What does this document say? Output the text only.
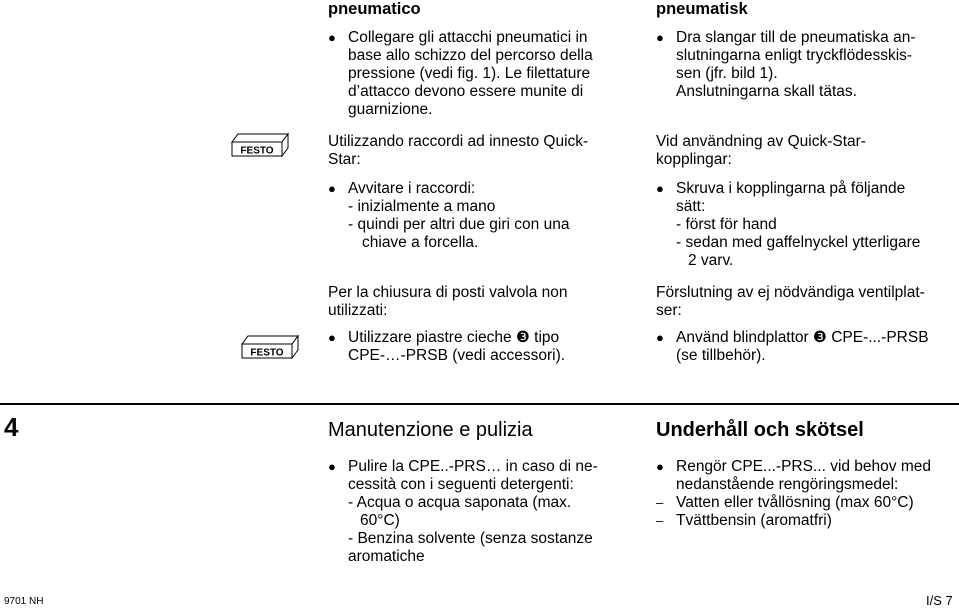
FESTO
FESTO
pneumatico
● Collegare gli attacchi pneumatici in
base allo schizzo del percorso della
pressione (vedi fig. 1). Le filettature
d’attacco devono essere munite di
guarnizione.
Utilizzando raccordi ad innesto Quick-
Star:
● Avvitare i raccordi:
- inizialmente a mano
- quindi per altri due giri con una
chiave a forcella.
Per la chiusura di posti valvola non
utilizzati:
● Utilizzare piastre cieche ❸ tipo
CPE-…-PRSB (vedi accessori).
pneumatisk
● Dra slangar till de pneumatiska an-
slutningarna enligt tryckflödesskis-
sen (jfr. bild 1).
Anslutningarna skall tätas.
Vid användning av Quick-Star-
kopplingar:
● Skruva i kopplingarna på följande
sätt:
- först för hand
- sedan med gaffelnyckel ytterligare
2 varv.
Förslutning av ej nödvändiga ventilplat-
ser:
● Använd blindplattor ❸ CPE-...-PRSB
(se tillbehör).
4	Manutenzione e pulizia	Underhåll och skötsel
● Pulire la CPE..-PRS… in caso di ne-
cessità con i seguenti detergenti:
- Acqua o acqua saponata (max.
60°C)
- Benzina solvente (senza sostanze
aromatiche
● Rengör CPE...-PRS... vid behov med
nedanstående rengöringsmedel:
– Vatten eller tvållösning (max 60°C)
– Tvättbensin (aromatfri)
9701 NH	I/S 7
